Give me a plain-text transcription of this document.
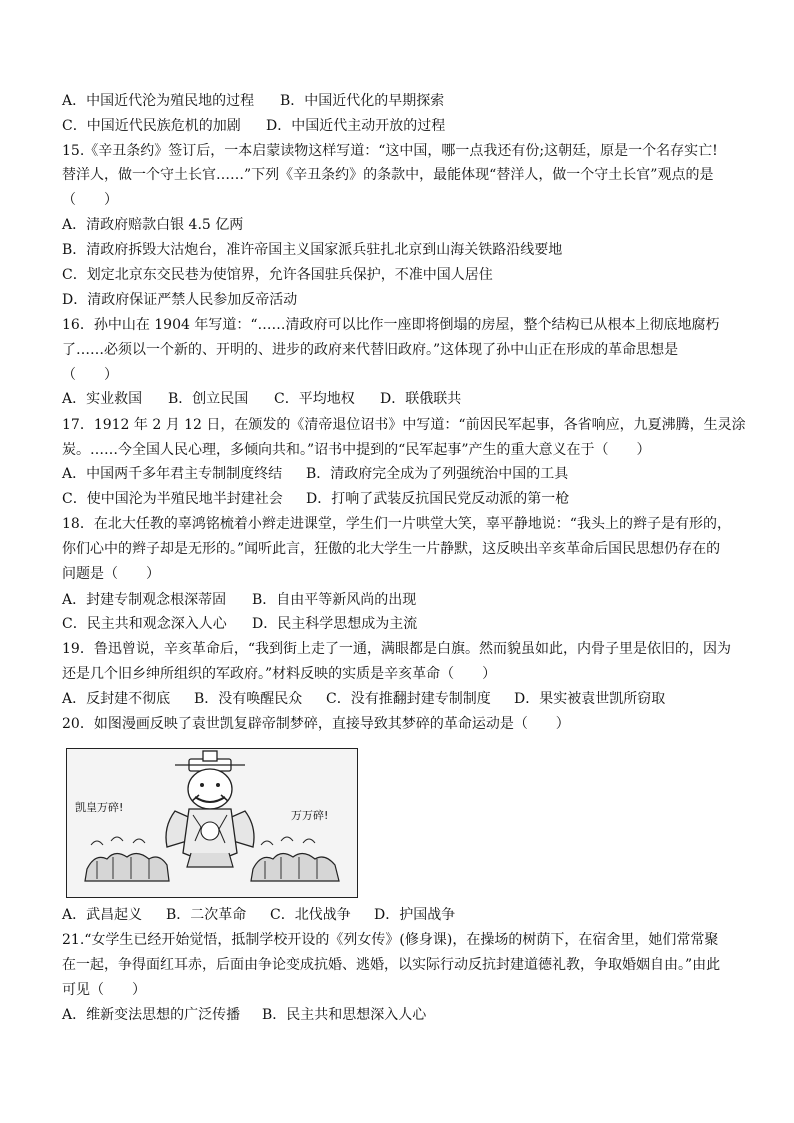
A．中国近代沦为殖民地的过程 B．中国近代化的早期探索
C．中国近代民族危机的加剧 D．中国近代主动开放的过程
15.《辛丑条约》签订后，一本启蒙读物这样写道：“这中国，哪一点我还有份;这朝廷，原是一个名存实亡!
替洋人，做一个守土长官……”下列《辛丑条约》的条款中，最能体现“替洋人，做一个守土长官”观点的是
（　　）
A．清政府赔款白银 4.5 亿两
B．清政府拆毁大沽炮台，准许帝国主义国家派兵驻扎北京到山海关铁路沿线要地
C．划定北京东交民巷为使馆界，允许各国驻兵保护，不准中国人居住
D．清政府保证严禁人民参加反帝活动
16．孙中山在 1904 年写道：“……清政府可以比作一座即将倒塌的房屋，整个结构已从根本上彻底地腐朽
了……必须以一个新的、开明的、进步的政府来代替旧政府。”这体现了孙中山正在形成的革命思想是
（　　）
A．实业救国 B．创立民国 C．平均地权 D．联俄联共
17．1912 年 2 月 12 日，在颁发的《清帝退位诏书》中写道：“前因民军起事，各省响应，九夏沸腾，生灵涂
炭。……今全国人民心理，多倾向共和。”诏书中提到的“民军起事”产生的重大意义在于（　　）
A．中国两千多年君主专制制度终结 B．清政府完全成为了列强统治中国的工具
C．使中国沦为半殖民地半封建社会 D．打响了武装反抗国民党反动派的第一枪
18．在北大任教的辜鸿铭梳着小辫走进课堂，学生们一片哄堂大笑，辜平静地说：“我头上的辫子是有形的，
你们心中的辫子却是无形的。”闻听此言，狂傲的北大学生一片静默，这反映出辛亥革命后国民思想仍存在的
问题是（　　）
A．封建专制观念根深蒂固 B．自由平等新风尚的出现
C．民主共和观念深入人心 D．民主科学思想成为主流
19．鲁迅曾说，辛亥革命后，“我到街上走了一通，满眼都是白旗。然而貌虽如此，内骨子里是依旧的，因为
还是几个旧乡绅所组织的军政府。”材料反映的实质是辛亥革命（　　）
A．反封建不彻底 B．没有唤醒民众 C．没有推翻封建专制制度 D．果实被袁世凯所窃取
20．如图漫画反映了袁世凯复辟帝制梦碎，直接导致其梦碎的革命运动是（　　）
凯皇万碎!
万万碎!
A．武昌起义 B．二次革命 C．北伐战争 D．护国战争
21.“女学生已经开始觉悟，抵制学校开设的《列女传》(修身课)，在操场的树荫下，在宿舍里，她们常常聚
在一起，争得面红耳赤，后面由争论变成抗婚、逃婚，以实际行动反抗封建道德礼教，争取婚姻自由。”由此
可见（　　）
A．维新变法思想的广泛传播 B．民主共和思想深入人心
